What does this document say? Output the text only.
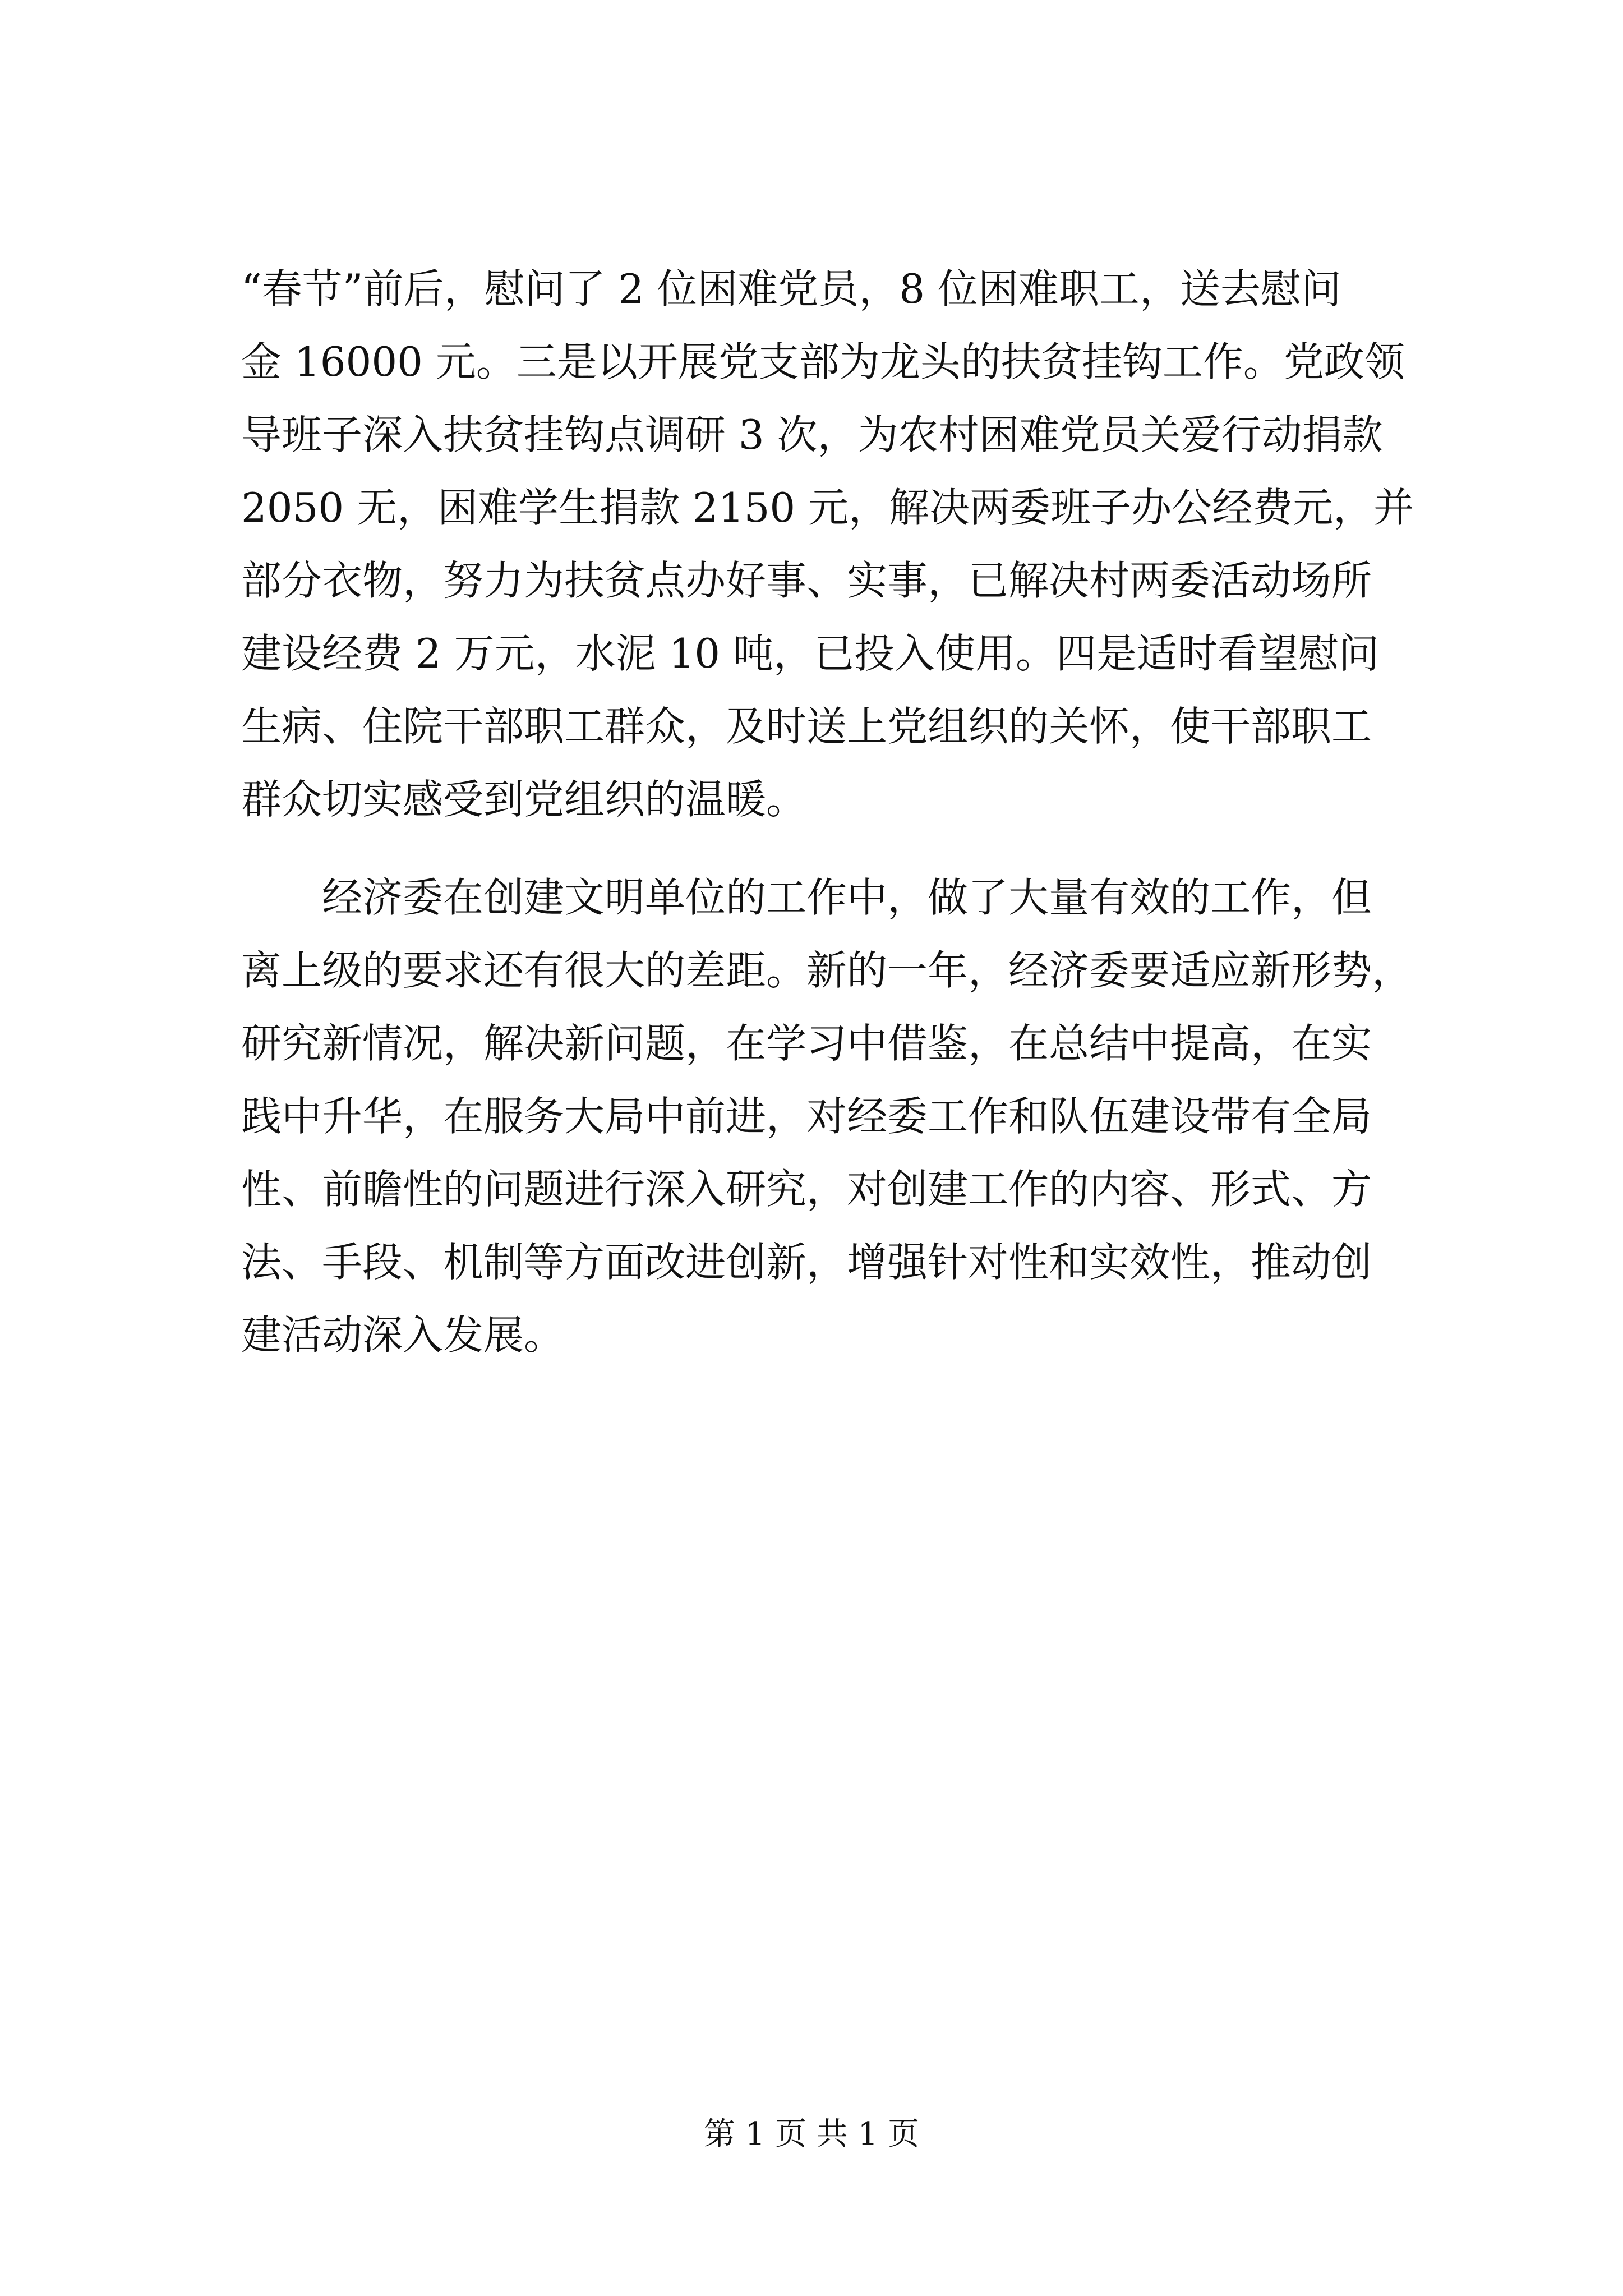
“春节”前后，慰问了 2 位困难党员，8 位困难职工，送去慰问
金 16000 元。三是以开展党支部为龙头的扶贫挂钩工作。党政领
导班子深入扶贫挂钩点调研 3 次，为农村困难党员关爱行动捐款
2050 无，困难学生捐款 2150 元，解决两委班子办公经费元，并
部分衣物，努力为扶贫点办好事、实事，已解决村两委活动场所
建设经费 2 万元，水泥 10 吨，已投入使用。四是适时看望慰问
生病、住院干部职工群众，及时送上党组织的关怀，使干部职工
群众切实感受到党组织的温暖。
经济委在创建文明单位的工作中，做了大量有效的工作，但
离上级的要求还有很大的差距。新的一年，经济委要适应新形势，
研究新情况，解决新问题，在学习中借鉴，在总结中提高，在实
践中升华，在服务大局中前进，对经委工作和队伍建设带有全局
性、前瞻性的问题进行深入研究，对创建工作的内容、形式、方
法、手段、机制等方面改进创新，增强针对性和实效性，推动创
建活动深入发展。
第 1 页 共 1 页
